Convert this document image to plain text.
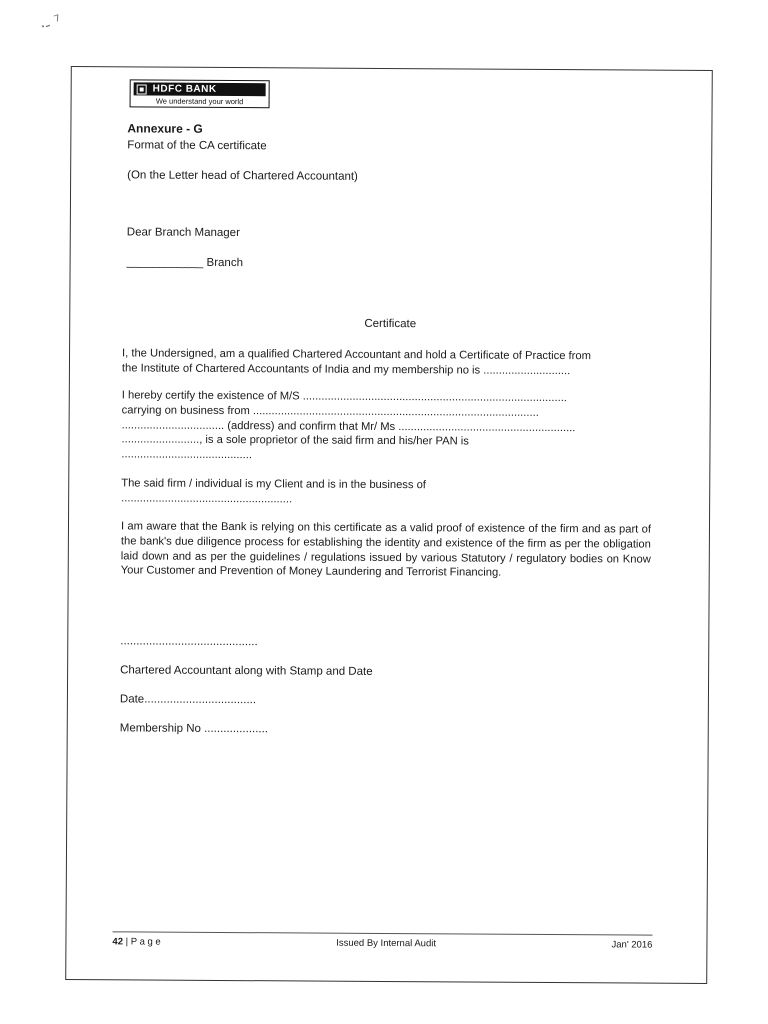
· ̵ ⁷
HDFC BANK
We understand your world
Annexure - G
Format of the CA certificate
(On the Letter head of Chartered Accountant)
Dear Branch Manager
____________ Branch
Certificate
I, the Undersigned, am a qualified Chartered Accountant and hold a Certificate of Practice from
the Institute of Chartered Accountants of India and my membership no is ............................
I hereby certify the existence of M/S .....................................................................................
carrying on business from ............................................................................................
................................. (address) and confirm that Mr/ Ms .........................................................
........................., is a sole proprietor of the said firm and his/her PAN is
..........................................
The said firm / individual is my Client and is in the business of
.......................................................
I am aware that the Bank is relying on this certificate as a valid proof of existence of the firm and as part of the bank's due diligence process for establishing the identity and existence of the firm as per the obligation laid down and as per the guidelines / regulations issued by various Statutory / regulatory bodies on Know Your Customer and Prevention of Money Laundering and Terrorist Financing.
...........................................
Chartered Accountant along with Stamp and Date
Date...................................
Membership No ....................
42 | P a g e	Issued By Internal Audit	Jan' 2016
